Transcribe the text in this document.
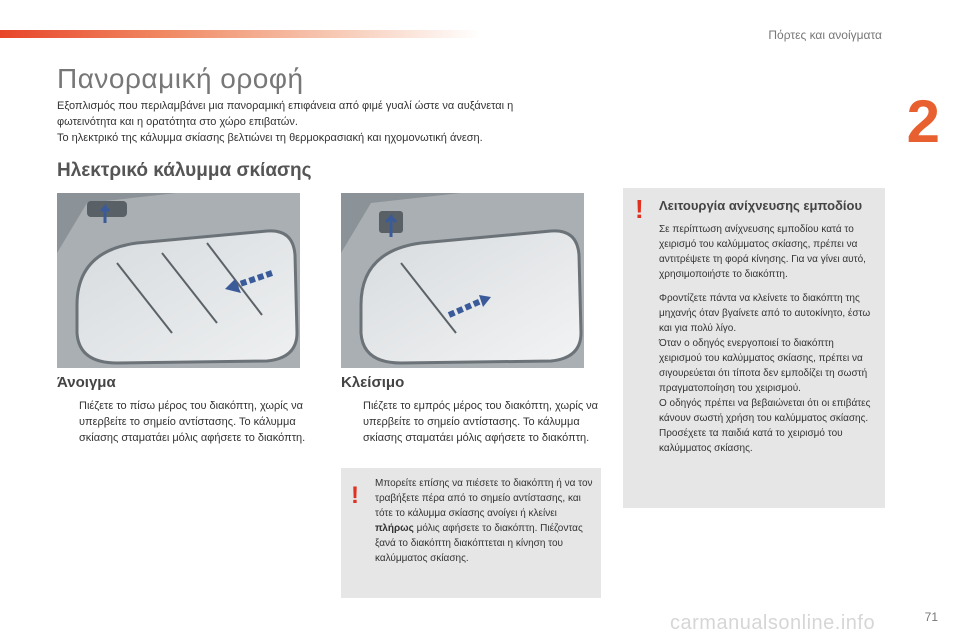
Πόρτες και ανοίγματα
2
Πανοραμική οροφή

Εξοπλισμός που περιλαμβάνει μια πανοραμική επιφάνεια από φιμέ γυαλί ώστε να αυξάνεται η

φωτεινότητα και η ορατότητα στο χώρο επιβατών.

Το ηλεκτρικό της κάλυμμα σκίασης βελτιώνει τη θερμοκρασιακή και ηχομονωτική άνεση.

Ηλεκτρικό κάλυμμα σκίασης
Άνοιγμα	Κλείσιμο
Πιέζετε το πίσω μέρος του διακόπτη, χωρίς να υπερβείτε το σημείο αντίστασης. Το κάλυμμα σκίασης σταματάει μόλις αφήσετε το διακόπτη.
Πιέζετε το εμπρός μέρος του διακόπτη, χωρίς να υπερβείτε το σημείο αντίστασης. Το κάλυμμα σκίασης σταματάει μόλις αφήσετε το διακόπτη.
! Μπορείτε επίσης να πιέσετε το διακόπτη ή να τον τραβήξετε πέρα από το σημείο αντίστασης, και τότε το κάλυμμα σκίασης ανοίγει ή κλείνει πλήρως μόλις αφήσετε το διακόπτη. Πιέζοντας ξανά το διακόπτη διακόπτεται η κίνηση του καλύμματος σκίασης.
! Λειτουργία ανίχνευσης εμποδίου

Σε περίπτωση ανίχνευσης εμποδίου κατά το χειρισμό του καλύμματος σκίασης, πρέπει να αντιτρέψετε τη φορά κίνησης. Για να γίνει αυτό, χρησιμοποιήστε το διακόπτη.

Φροντίζετε πάντα να κλείνετε το διακόπτη της μηχανής όταν βγαίνετε από το αυτοκίνητο, έστω και για πολύ λίγο.

Όταν ο οδηγός ενεργοποιεί το διακόπτη χειρισμού του καλύμματος σκίασης, πρέπει να σιγουρεύεται ότι τίποτα δεν εμποδίζει τη σωστή πραγματοποίηση του χειρισμού.

Ο οδηγός πρέπει να βεβαιώνεται ότι οι επιβάτες κάνουν σωστή χρήση του καλύμματος σκίασης.

Προσέχετε τα παιδιά κατά το χειρισμό του καλύμματος σκίασης.

carmanualsonline.info	71
